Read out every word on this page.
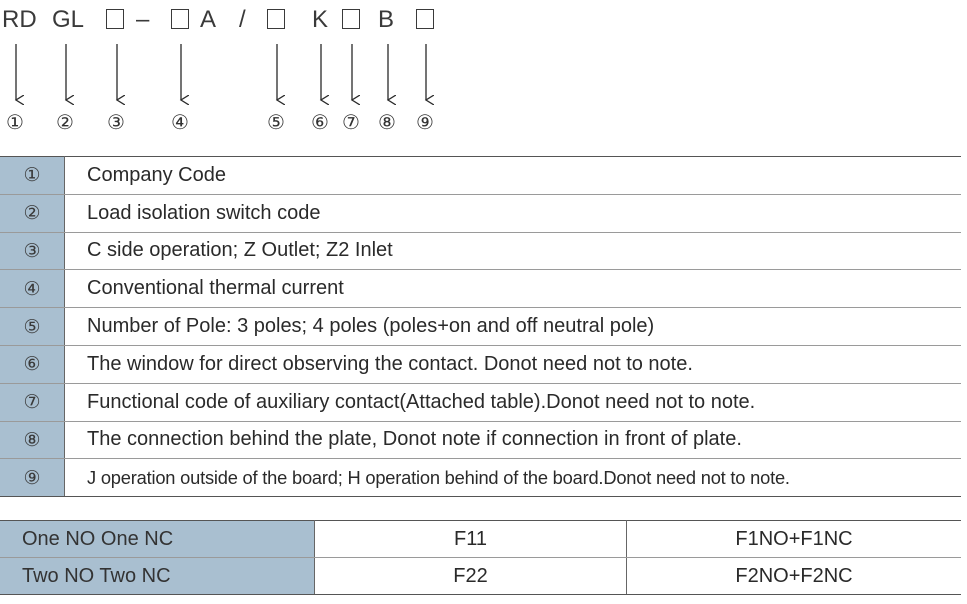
RD GL – A /	K B
① ② ③ ④	⑤ ⑥ ⑦ ⑧ ⑨
①	Company Code
②	Load isolation switch code
③	C side operation; Z Outlet; Z2 Inlet
④	Conventional thermal current
⑤	Number of Pole: 3 poles; 4 poles (poles+on and off neutral pole)
⑥	The window for direct observing the contact. Donot need not to note.
⑦	Functional code of auxiliary contact(Attached table).Donot need not to note.
⑧	The connection behind the plate, Donot note if connection in front of plate.
⑨	J operation outside of the board; H operation behind of the board.Donot need not to note.
One NO One NC	F11	F1NO+F1NC
Two NO Two NC	F22	F2NO+F2NC
